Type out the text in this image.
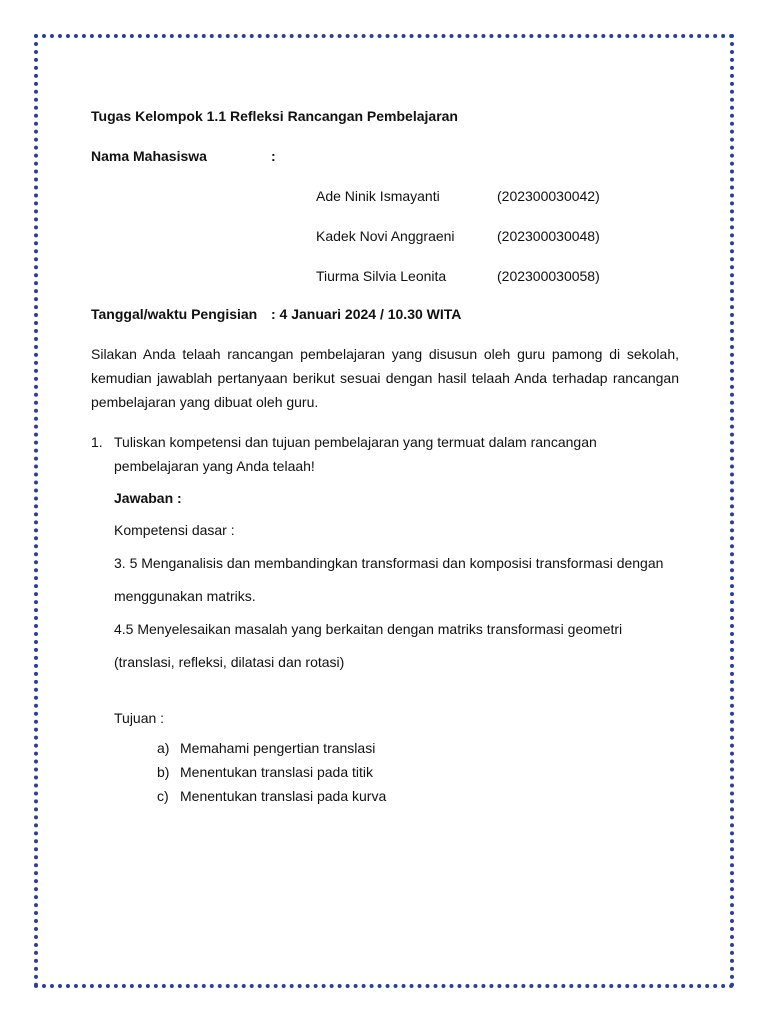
Tugas Kelompok 1.1 Refleksi Rancangan Pembelajaran
Nama Mahasiswa	:
Ade Ninik Ismayanti	(202300030042)
Kadek Novi Anggraeni	(202300030048)
Tiurma Silvia Leonita	(202300030058)
Tanggal/waktu Pengisian : 4 Januari 2024 / 10.30 WITA

Silakan Anda telaah rancangan pembelajaran yang disusun oleh guru pamong di sekolah, kemudian jawablah pertanyaan berikut sesuai dengan hasil telaah Anda terhadap rancangan pembelajaran yang dibuat oleh guru.

1. Tuliskan kompetensi dan tujuan pembelajaran yang termuat dalam rancangan pembelajaran yang Anda telaah!
Jawaban :
Kompetensi dasar :
3. 5 Menganalisis dan membandingkan transformasi dan komposisi transformasi dengan
menggunakan matriks.
4.5 Menyelesaikan masalah yang berkaitan dengan matriks transformasi geometri
(translasi, refleksi, dilatasi dan rotasi)
Tujuan :
a) Memahami pengertian translasi
b) Menentukan translasi pada titik
c) Menentukan translasi pada kurva
